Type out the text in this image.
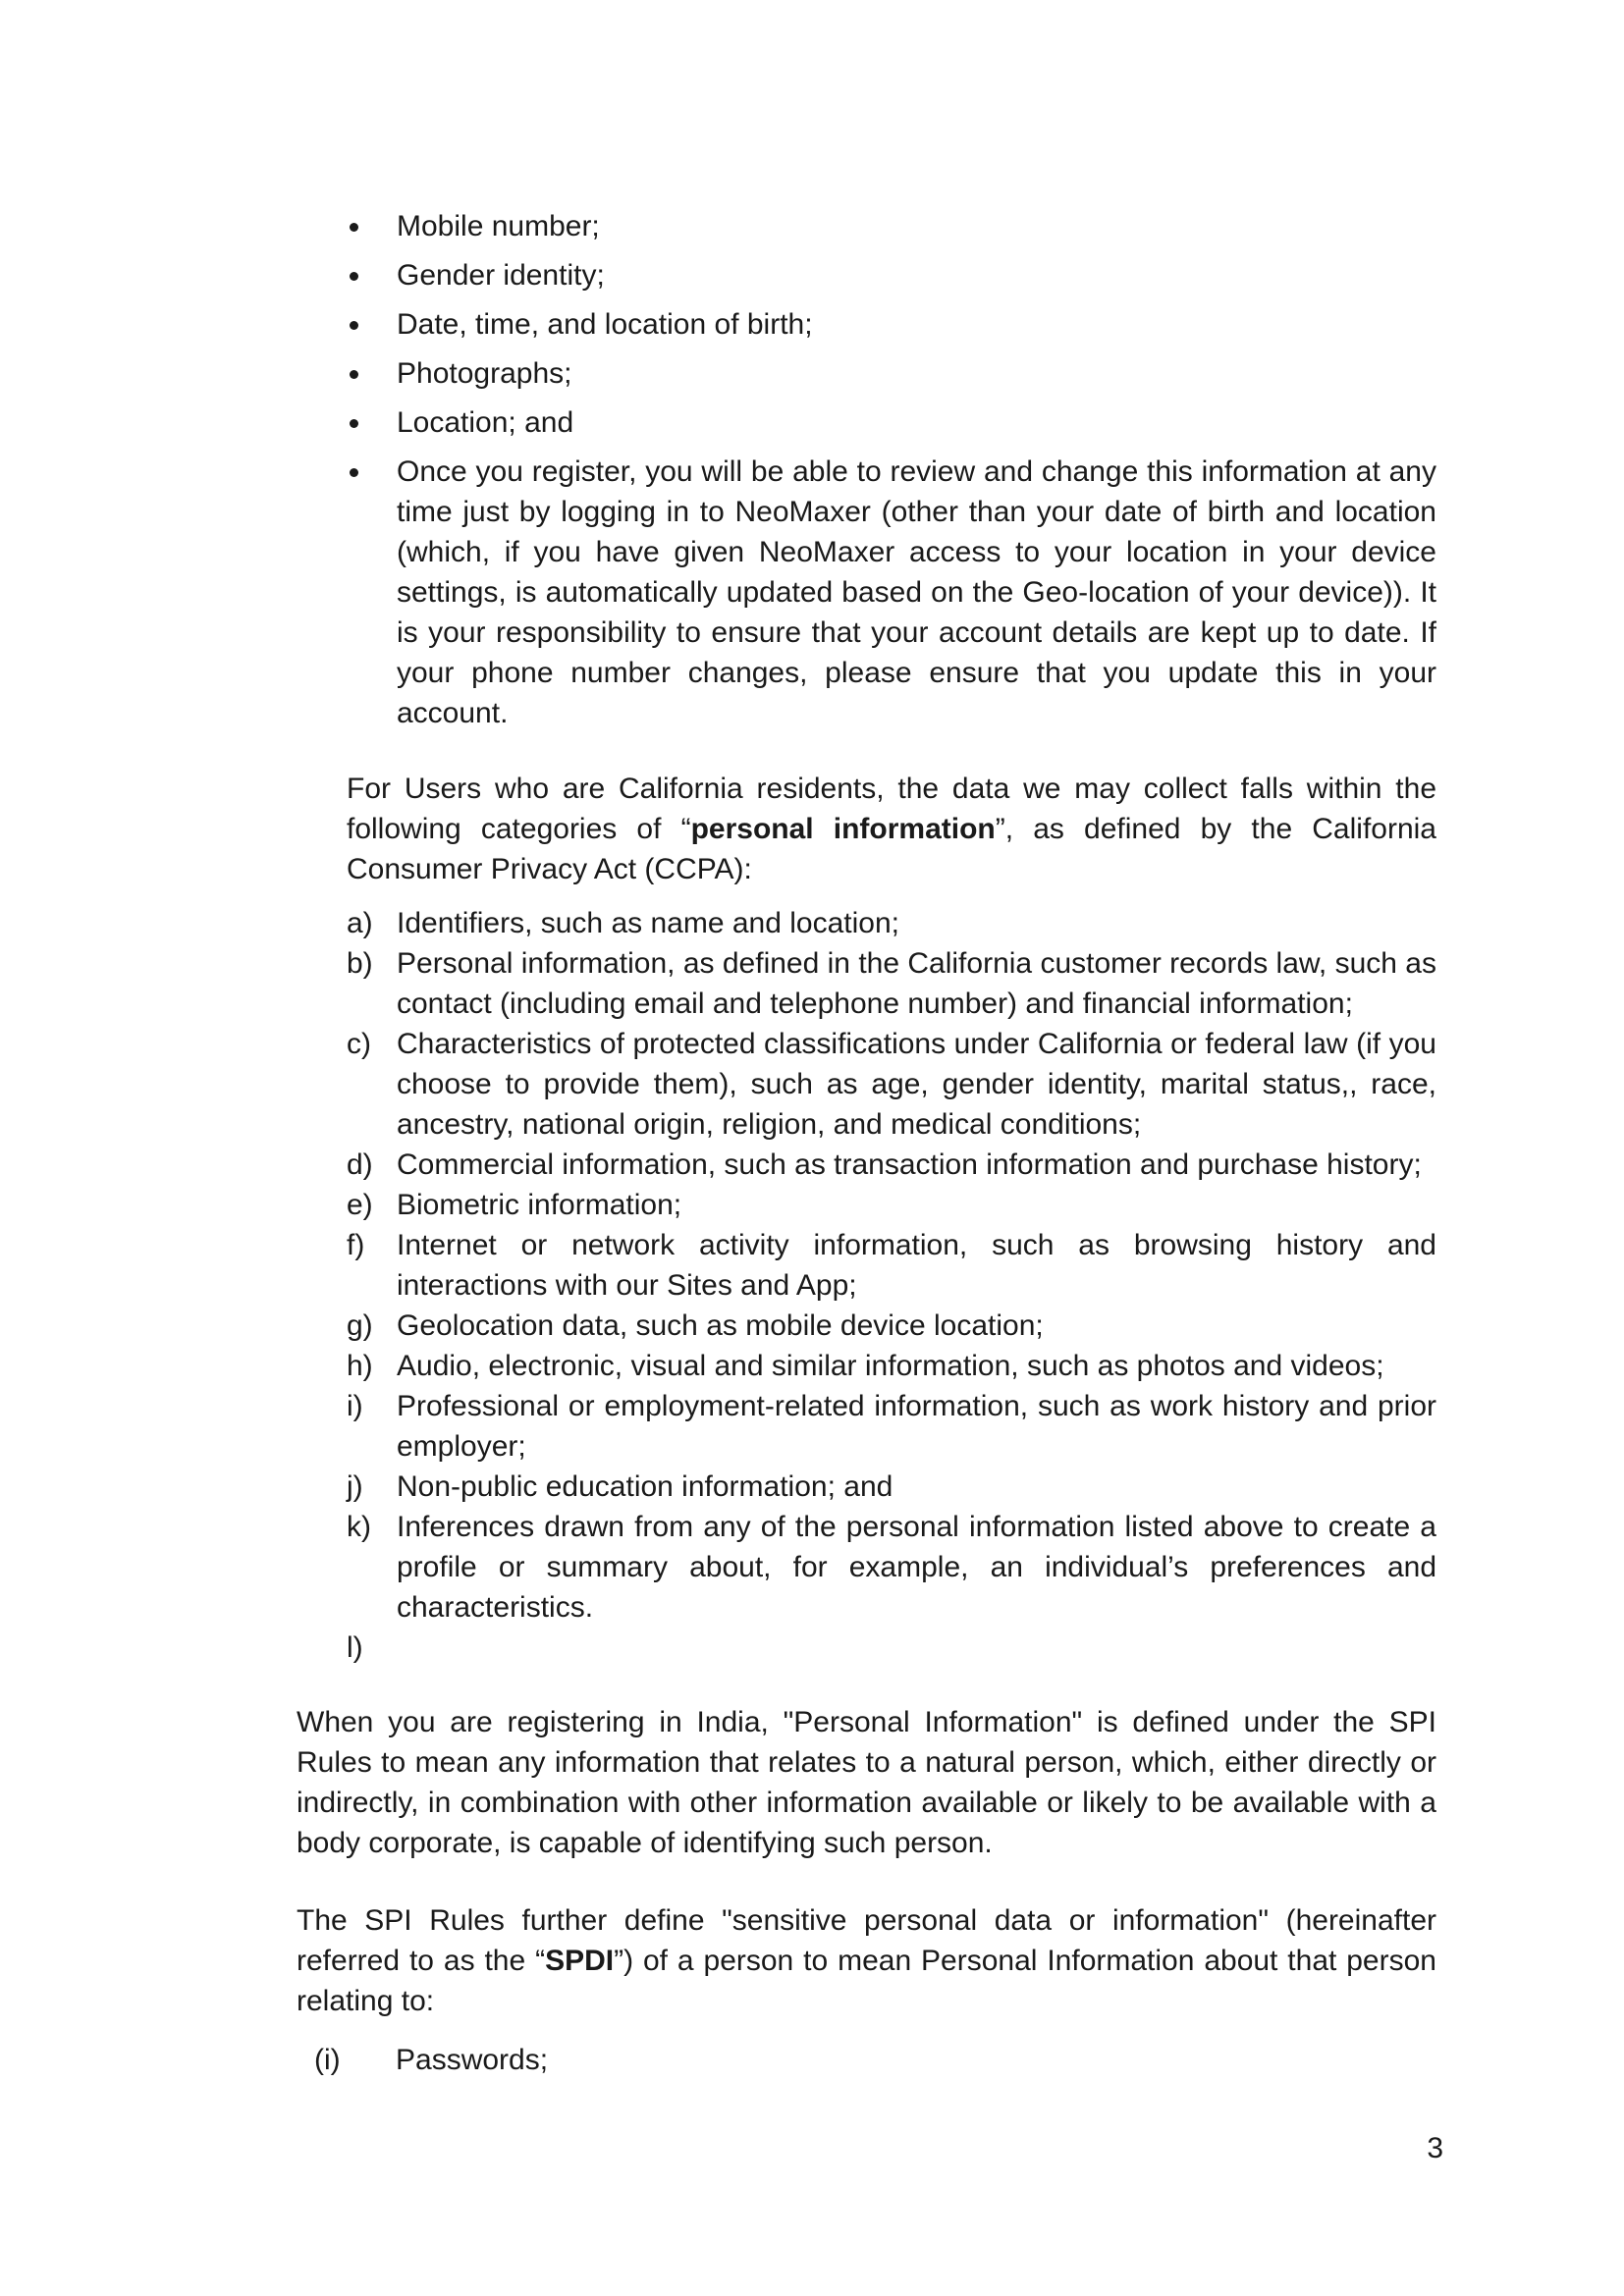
Mobile number;
Gender identity;
Date, time, and location of birth;
Photographs;
Location; and
Once you register, you will be able to review and change this information at any time just by logging in to NeoMaxer (other than your date of birth and location (which, if you have given NeoMaxer access to your location in your device settings, is automatically updated based on the Geo-location of your device)). It is your responsibility to ensure that your account details are kept up to date. If your phone number changes, please ensure that you update this in your account.

For Users who are California residents, the data we may collect falls within the following categories of “personal information”, as defined by the California Consumer Privacy Act (CCPA):

a) Identifiers, such as name and location;
b) Personal information, as defined in the California customer records law, such as contact (including email and telephone number) and financial information;
c) Characteristics of protected classifications under California or federal law (if you choose to provide them), such as age, gender identity, marital status,, race, ancestry, national origin, religion, and medical conditions;
d) Commercial information, such as transaction information and purchase history;
e) Biometric information;
f) Internet or network activity information, such as browsing history and interactions with our Sites and App;
g) Geolocation data, such as mobile device location;
h) Audio, electronic, visual and similar information, such as photos and videos;
i) Professional or employment-related information, such as work history and prior employer;
j) Non-public education information; and
k) Inferences drawn from any of the personal information listed above to create a profile or summary about, for example, an individual’s preferences and characteristics.
l)

When you are registering in India, "Personal Information" is defined under the SPI Rules to mean any information that relates to a natural person, which, either directly or indirectly, in combination with other information available or likely to be available with a body corporate, is capable of identifying such person.

The SPI Rules further define "sensitive personal data or information" (hereinafter referred to as the “SPDI”) of a person to mean Personal Information about that person relating to:

(i) Passwords;
3
